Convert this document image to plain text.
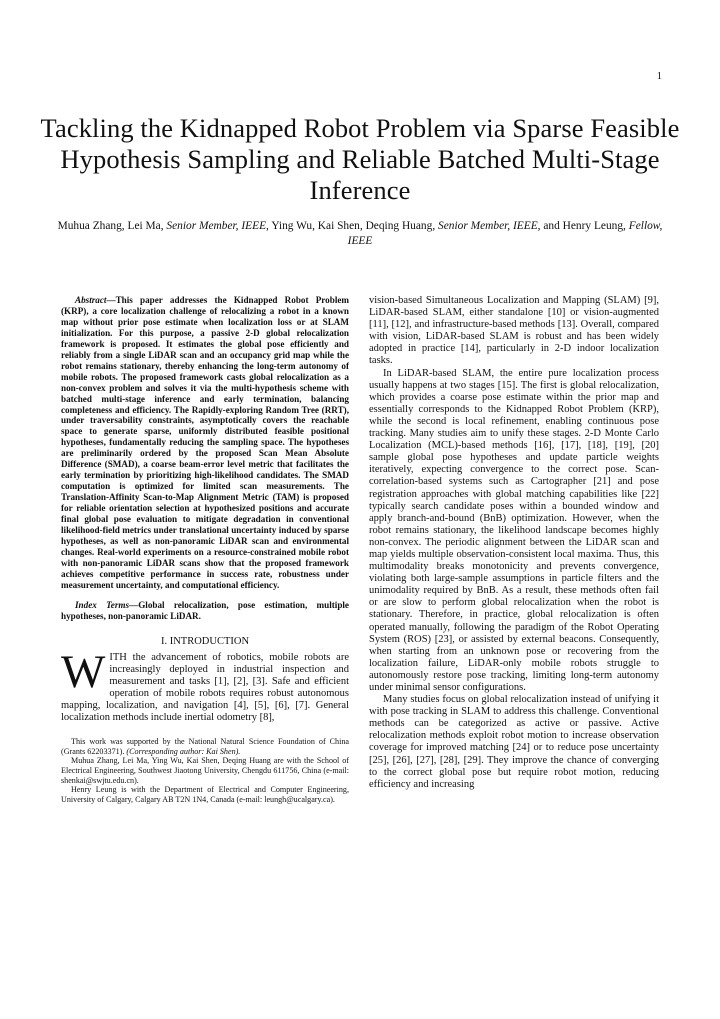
1
Tackling the Kidnapped Robot Problem via Sparse Feasible Hypothesis Sampling and Reliable Batched Multi-Stage Inference
Muhua Zhang, Lei Ma, Senior Member, IEEE, Ying Wu, Kai Shen, Deqing Huang, Senior Member, IEEE, and Henry Leung, Fellow, IEEE
Abstract—This paper addresses the Kidnapped Robot Problem (KRP), a core localization challenge of relocalizing a robot in a known map without prior pose estimate when localization loss or at SLAM initialization. For this purpose, a passive 2-D global relocalization framework is proposed. It estimates the global pose efficiently and reliably from a single LiDAR scan and an occupancy grid map while the robot remains stationary, thereby enhancing the long-term autonomy of mobile robots. The proposed framework casts global relocalization as a non-convex problem and solves it via the multi-hypothesis scheme with batched multi-stage inference and early termination, balancing completeness and efficiency. The Rapidly-exploring Random Tree (RRT), under traversability constraints, asymptotically covers the reachable space to generate sparse, uniformly distributed feasible positional hypotheses, fundamentally reducing the sampling space. The hypotheses are preliminarily ordered by the proposed Scan Mean Absolute Difference (SMAD), a coarse beam-error level metric that facilitates the early termination by prioritizing high-likelihood candidates. The SMAD computation is optimized for limited scan measurements. The Translation-Affinity Scan-to-Map Alignment Metric (TAM) is proposed for reliable orientation selection at hypothesized positions and accurate final global pose evaluation to mitigate degradation in conventional likelihood-field metrics under translational uncertainty induced by sparse hypotheses, as well as non-panoramic LiDAR scan and environmental changes. Real-world experiments on a resource-constrained mobile robot with non-panoramic LiDAR scans show that the proposed framework achieves competitive performance in success rate, robustness under measurement uncertainty, and computational efficiency.
Index Terms—Global relocalization, pose estimation, multiple hypotheses, non-panoramic LiDAR.
I. INTRODUCTION
WITH the advancement of robotics, mobile robots are increasingly deployed in industrial inspection and measurement and tasks [1], [2], [3]. Safe and efficient operation of mobile robots requires robust autonomous mapping, localization, and navigation [4], [5], [6], [7]. General localization methods include inertial odometry [8],

This work was supported by the National Natural Science Foundation of China (Grants 62203371). (Corresponding author: Kai Shen).

Muhua Zhang, Lei Ma, Ying Wu, Kai Shen, Deqing Huang are with the School of Electrical Engineering, Southwest Jiaotong University, Chengdu 611756, China (e-mail: shenkai@swjtu.edu.cn).

Henry Leung is with the Department of Electrical and Computer Engineering, University of Calgary, Calgary AB T2N 1N4, Canada (e-mail: leungh@ucalgary.ca).

vision-based Simultaneous Localization and Mapping (SLAM) [9], LiDAR-based SLAM, either standalone [10] or vision-augmented [11], [12], and infrastructure-based methods [13]. Overall, compared with vision, LiDAR-based SLAM is robust and has been widely adopted in practice [14], particularly in 2-D indoor localization tasks.

In LiDAR-based SLAM, the entire pure localization process usually happens at two stages [15]. The first is global relocalization, which provides a coarse pose estimate within the prior map and essentially corresponds to the Kidnapped Robot Problem (KRP), while the second is local refinement, enabling continuous pose tracking. Many studies aim to unify these stages. 2-D Monte Carlo Localization (MCL)-based methods [16], [17], [18], [19], [20] sample global pose hypotheses and update particle weights iteratively, expecting convergence to the correct pose. Scan-correlation-based systems such as Cartographer [21] and pose registration approaches with global matching capabilities like [22] typically search candidate poses within a bounded window and apply branch-and-bound (BnB) optimization. However, when the robot remains stationary, the likelihood landscape becomes highly non-convex. The periodic alignment between the LiDAR scan and map yields multiple observation-consistent local maxima. Thus, this multimodality breaks monotonicity and prevents convergence, violating both large-sample assumptions in particle filters and the unimodality required by BnB. As a result, these methods often fail or are slow to perform global relocalization when the robot is stationary. Therefore, in practice, global relocalization is often operated manually, following the paradigm of the Robot Operating System (ROS) [23], or assisted by external beacons. Consequently, when starting from an unknown pose or recovering from the localization failure, LiDAR-only mobile robots struggle to autonomously restore pose tracking, limiting long-term autonomy under minimal sensor configurations.

Many studies focus on global relocalization instead of unifying it with pose tracking in SLAM to address this challenge. Conventional methods can be categorized as active or passive. Active relocalization methods exploit robot motion to increase observation coverage for improved matching [24] or to reduce pose uncertainty [25], [26], [27], [28], [29]. They improve the chance of converging to the correct global pose but require robot motion, reducing efficiency and increasing
